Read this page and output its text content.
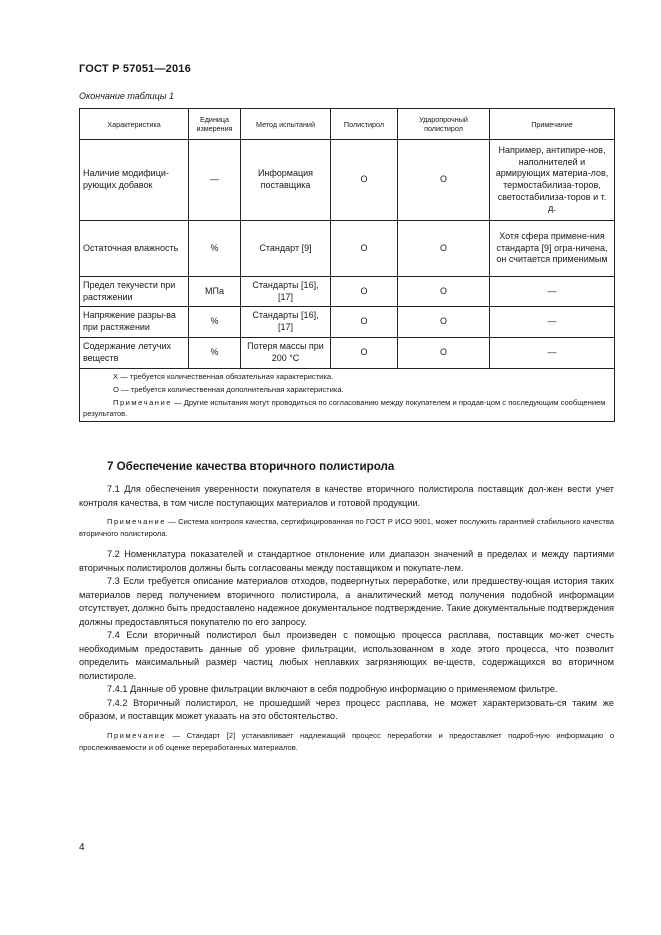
ГОСТ Р 57051—2016
Окончание таблицы 1
Характеристика	Единица измерения	Метод испытаний	Полистирол	Ударопрочный полистирол	Примечание
Наличие модифици-рующих добавок	—	Информация поставщика	O	O	Например, антипире-нов, наполнителей и армирующих материа-лов, термостабилиза-торов, светостабилиза-торов и т. д.
Остаточная влажность	%	Стандарт [9]	O	O	Хотя сфера примене-ния стандарта [9] огра-ничена, он считается применимым
Предел текучести при растяжении	МПа	Стандарты [16], [17]	O	O	—
Напряжение разры-ва при растяжении	%	Стандарты [16], [17]	O	O	—
Содержание летучих веществ	%	Потеря массы при 200 °C	O	O	—

X — требуется количественная обязательная характеристика.
O — требуется количественная дополнительная характеристика.
Примечание — Другие испытания могут проводиться по согласованию между покупателем и продав-цом с последующим сообщением результатов.					
7 Обеспечение качества вторичного полистирола

7.1 Для обеспечения уверенности покупателя в качестве вторичного полистирола поставщик дол-жен вести учет контроля качества, в том числе поступающих материалов и готовой продукции.

Примечание — Система контроля качества, сертифицированная по ГОСТ Р ИСО 9001, может послужить гарантией стабильного качества вторичного полистирола.

7.2 Номенклатура показателей и стандартное отклонение или диапазон значений в пределах и между партиями вторичных полистиролов должны быть согласованы между поставщиком и покупате-лем.

7.3 Если требуется описание материалов отходов, подвергнутых переработке, или предшеству-ющая история таких материалов перед получением вторичного полистирола, а аналитический метод получения подобной информации отсутствует, должно быть предоставлено надежное документальное подтверждение. Такие документальные подтверждения должны предоставляться покупателю по его запросу.

7.4 Если вторичный полистирол был произведен с помощью процесса расплава, поставщик мо-жет счесть необходимым предоставить данные об уровне фильтрации, использованном в ходе этого процесса, что позволит определить максимальный размер частиц любых неплавких загрязняющих ве-ществ, содержащихся во вторичном полистироле.

7.4.1 Данные об уровне фильтрации включают в себя подробную информацию о применяемом фильтре.

7.4.2 Вторичный полистирол, не прошедший через процесс расплава, не может характеризовать-ся таким же образом, и поставщик может указать на это обстоятельство.

Примечание — Стандарт [2] устанавливает надлежащий процесс переработки и предоставляет подроб-ную информацию о прослеживаемости и об оценке переработанных материалов.

4
